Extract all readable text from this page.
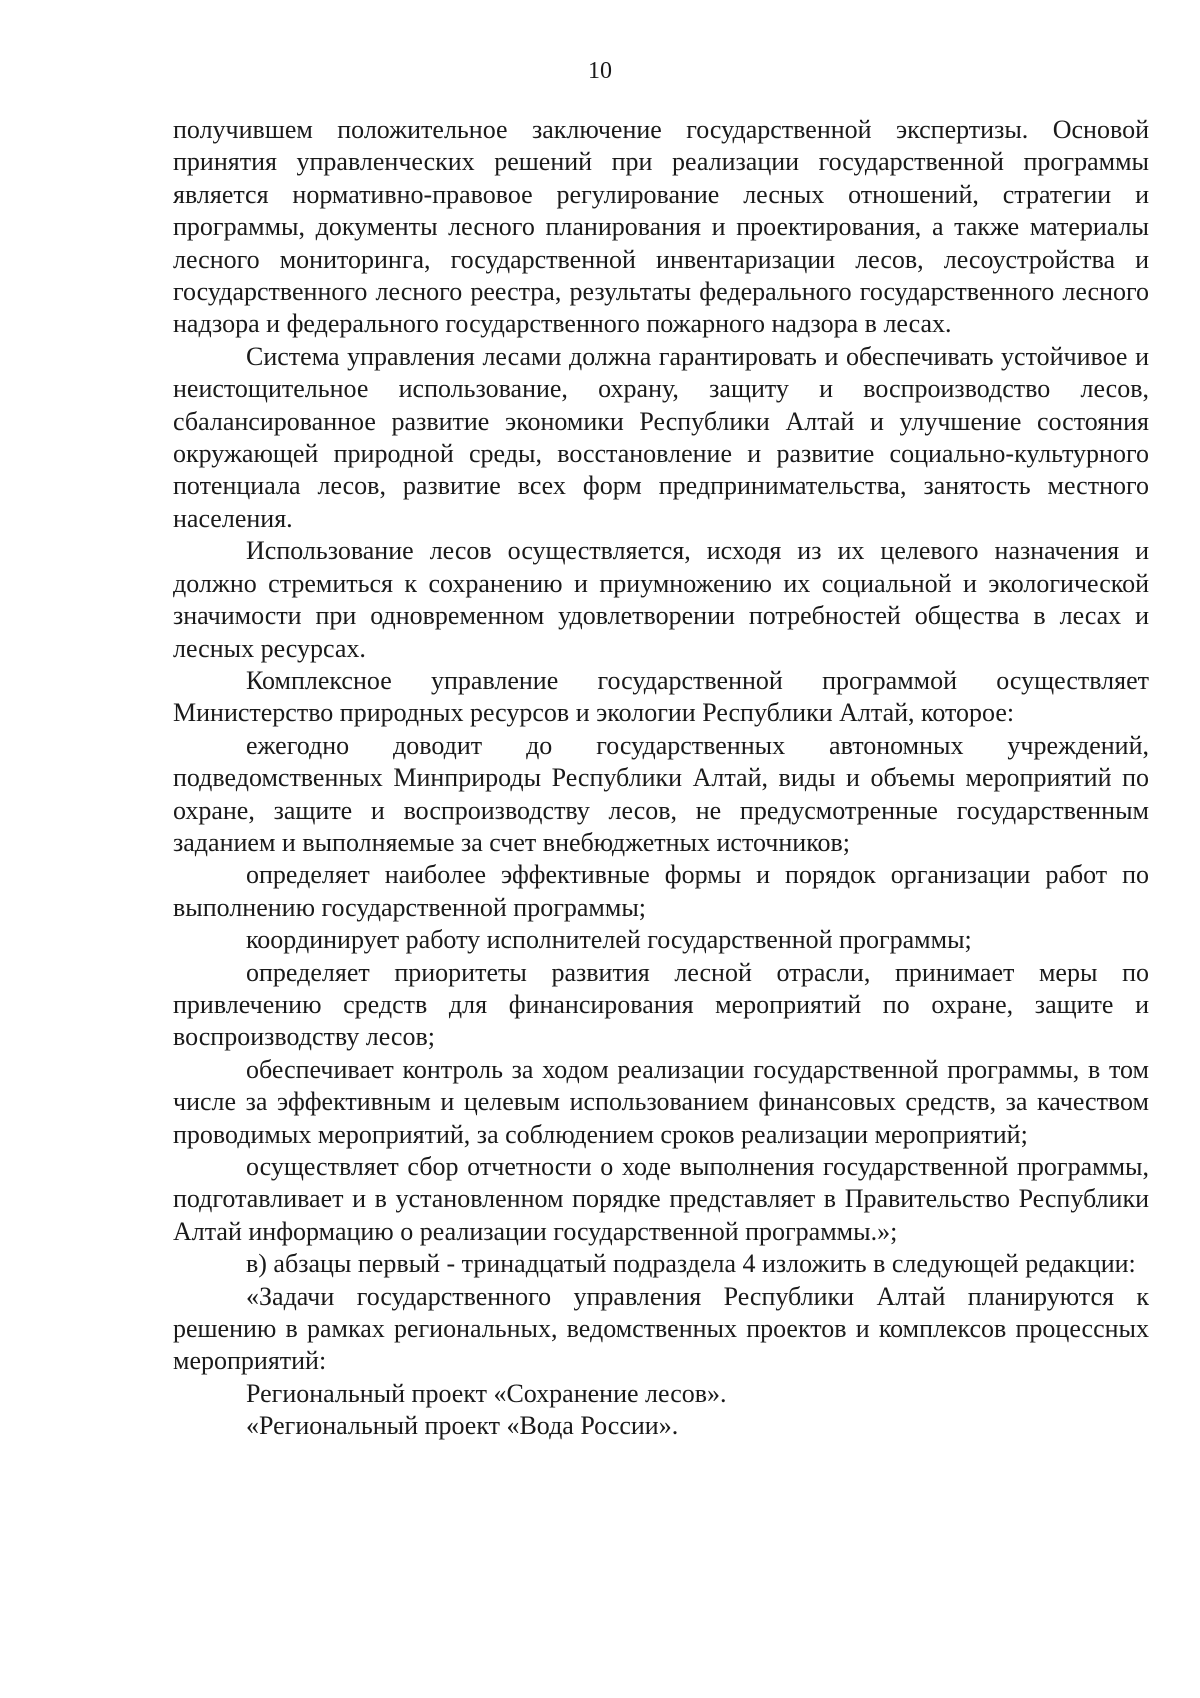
10

получившем положительное заключение государственной экспертизы. Основой принятия управленческих решений при реализации государственной программы является нормативно-правовое регулирование лесных отношений, стратегии и программы, документы лесного планирования и проектирования, а также материалы лесного мониторинга, государственной инвентаризации лесов, лесоустройства и государственного лесного реестра, результаты федерального государственного лесного надзора и федерального государственного пожарного надзора в лесах.

Система управления лесами должна гарантировать и обеспечивать устойчивое и неистощительное использование, охрану, защиту и воспроизводство лесов, сбалансированное развитие экономики Республики Алтай и улучшение состояния окружающей природной среды, восстановление и развитие социально-культурного потенциала лесов, развитие всех форм предпринимательства, занятость местного населения.

Использование лесов осуществляется, исходя из их целевого назначения и должно стремиться к сохранению и приумножению их социальной и экологической значимости при одновременном удовлетворении потребностей общества в лесах и лесных ресурсах.

Комплексное управление государственной программой осуществляет Министерство природных ресурсов и экологии Республики Алтай, которое:

ежегодно доводит до государственных автономных учреждений, подведомственных Минприроды Республики Алтай, виды и объемы мероприятий по охране, защите и воспроизводству лесов, не предусмотренные государственным заданием и выполняемые за счет внебюджетных источников;

определяет наиболее эффективные формы и порядок организации работ по выполнению государственной программы;

координирует работу исполнителей государственной программы;

определяет приоритеты развития лесной отрасли, принимает меры по привлечению средств для финансирования мероприятий по охране, защите и воспроизводству лесов;

обеспечивает контроль за ходом реализации государственной программы, в том числе за эффективным и целевым использованием финансовых средств, за качеством проводимых мероприятий, за соблюдением сроков реализации мероприятий;

осуществляет сбор отчетности о ходе выполнения государственной программы, подготавливает и в установленном порядке представляет в Правительство Республики Алтай информацию о реализации государственной программы.»;

в) абзацы первый - тринадцатый подраздела 4 изложить в следующей редакции:

«Задачи государственного управления Республики Алтай планируются к решению в рамках региональных, ведомственных проектов и комплексов процессных мероприятий:

Региональный проект «Сохранение лесов».

«Региональный проект «Вода России».
